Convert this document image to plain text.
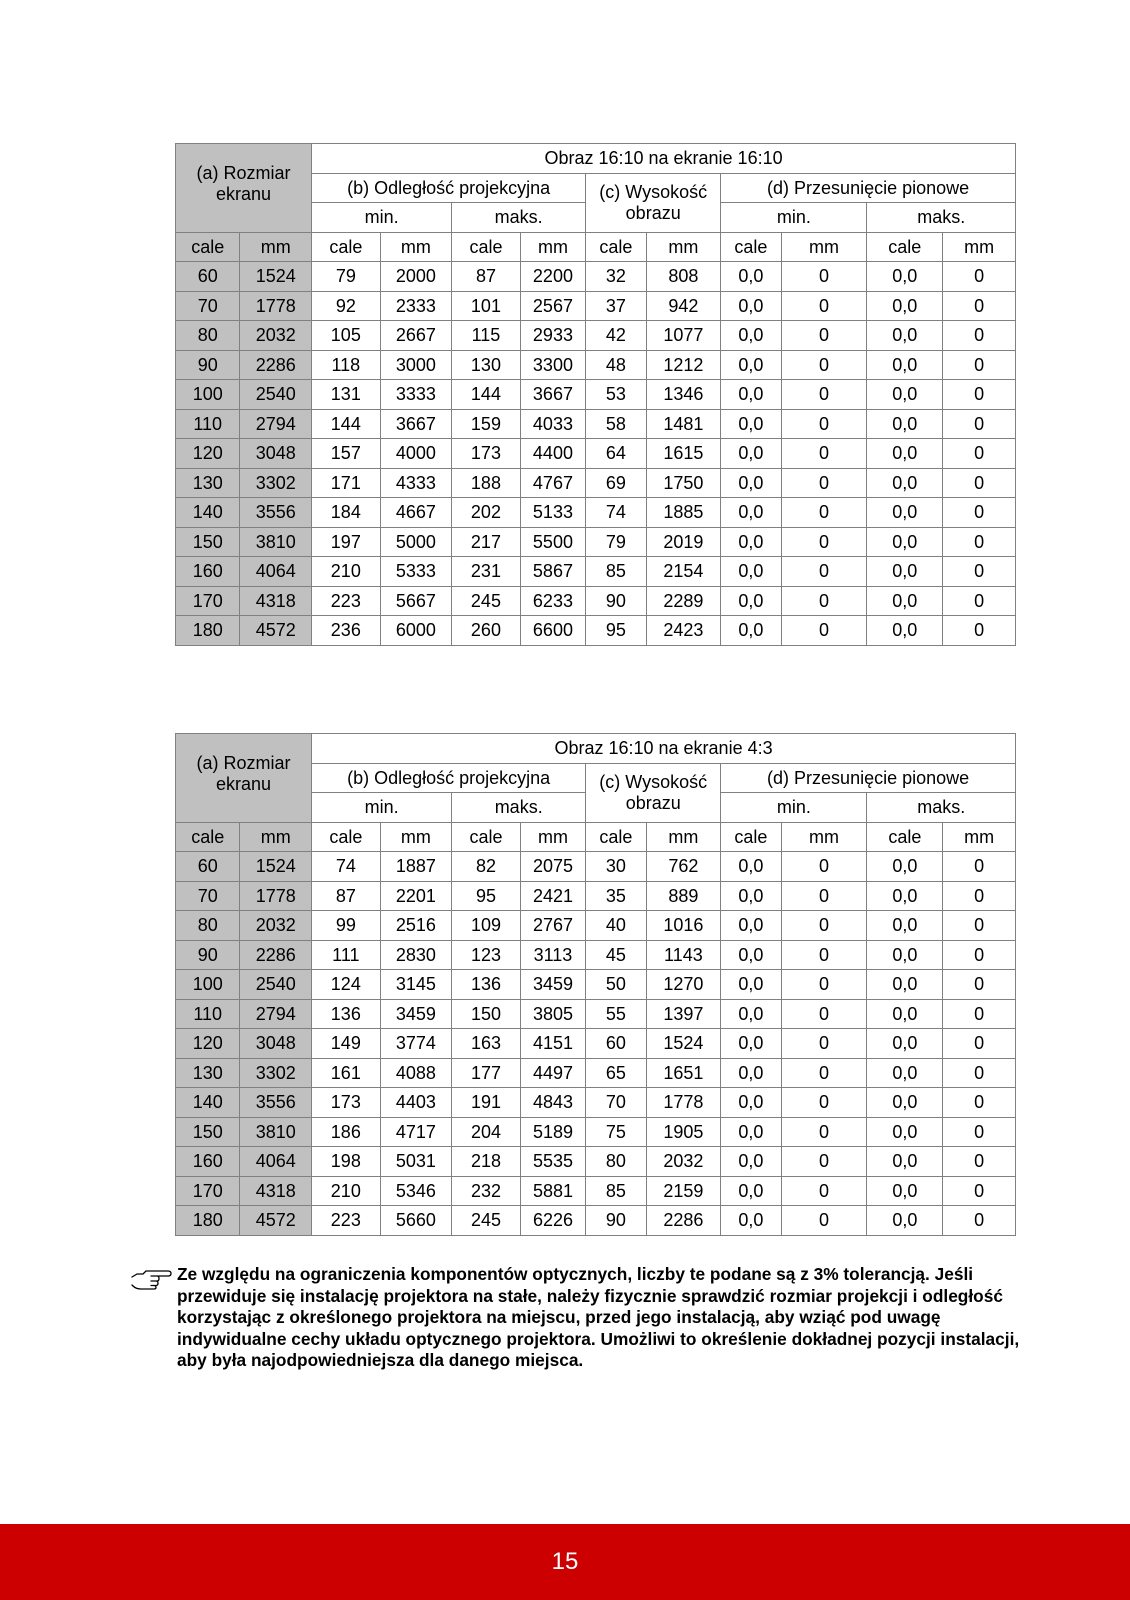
(a) Rozmiar ekranu		Obraz 16:10 na ekranie 16:10									
		(b) Odległość projekcyjna				(c) Wysokość obrazu		(d) Przesunięcie pionowe			
		min.		maks.				min.		maks.	
cale	mm	cale	mm	cale	mm	cale	mm	cale	mm	cale	mm
60	1524	79	2000	87	2200	32	808	0,0	0	0,0	0
70	1778	92	2333	101	2567	37	942	0,0	0	0,0	0
80	2032	105	2667	115	2933	42	1077	0,0	0	0,0	0
90	2286	118	3000	130	3300	48	1212	0,0	0	0,0	0
100	2540	131	3333	144	3667	53	1346	0,0	0	0,0	0
110	2794	144	3667	159	4033	58	1481	0,0	0	0,0	0
120	3048	157	4000	173	4400	64	1615	0,0	0	0,0	0
130	3302	171	4333	188	4767	69	1750	0,0	0	0,0	0
140	3556	184	4667	202	5133	74	1885	0,0	0	0,0	0
150	3810	197	5000	217	5500	79	2019	0,0	0	0,0	0
160	4064	210	5333	231	5867	85	2154	0,0	0	0,0	0
170	4318	223	5667	245	6233	90	2289	0,0	0	0,0	0
180	4572	236	6000	260	6600	95	2423	0,0	0	0,0	0
(a) Rozmiar ekranu		Obraz 16:10 na ekranie 4:3									
		(b) Odległość projekcyjna				(c) Wysokość obrazu		(d) Przesunięcie pionowe			
		min.		maks.				min.		maks.	
cale	mm	cale	mm	cale	mm	cale	mm	cale	mm	cale	mm
60	1524	74	1887	82	2075	30	762	0,0	0	0,0	0
70	1778	87	2201	95	2421	35	889	0,0	0	0,0	0
80	2032	99	2516	109	2767	40	1016	0,0	0	0,0	0
90	2286	111	2830	123	3113	45	1143	0,0	0	0,0	0
100	2540	124	3145	136	3459	50	1270	0,0	0	0,0	0
110	2794	136	3459	150	3805	55	1397	0,0	0	0,0	0
120	3048	149	3774	163	4151	60	1524	0,0	0	0,0	0
130	3302	161	4088	177	4497	65	1651	0,0	0	0,0	0
140	3556	173	4403	191	4843	70	1778	0,0	0	0,0	0
150	3810	186	4717	204	5189	75	1905	0,0	0	0,0	0
160	4064	198	5031	218	5535	80	2032	0,0	0	0,0	0
170	4318	210	5346	232	5881	85	2159	0,0	0	0,0	0
180	4572	223	5660	245	6226	90	2286	0,0	0	0,0	0

Ze względu na ograniczenia komponentów optycznych, liczby te podane są z 3% tolerancją. Jeśli przewiduje się instalację projektora na stałe, należy fizycznie sprawdzić rozmiar projekcji i odległość korzystając z określonego projektora na miejscu, przed jego instalacją, aby wziąć pod uwagę indywidualne cechy układu optycznego projektora. Umożliwi to określenie dokładnej pozycji instalacji, aby była najodpowiedniejsza dla danego miejsca.

15
